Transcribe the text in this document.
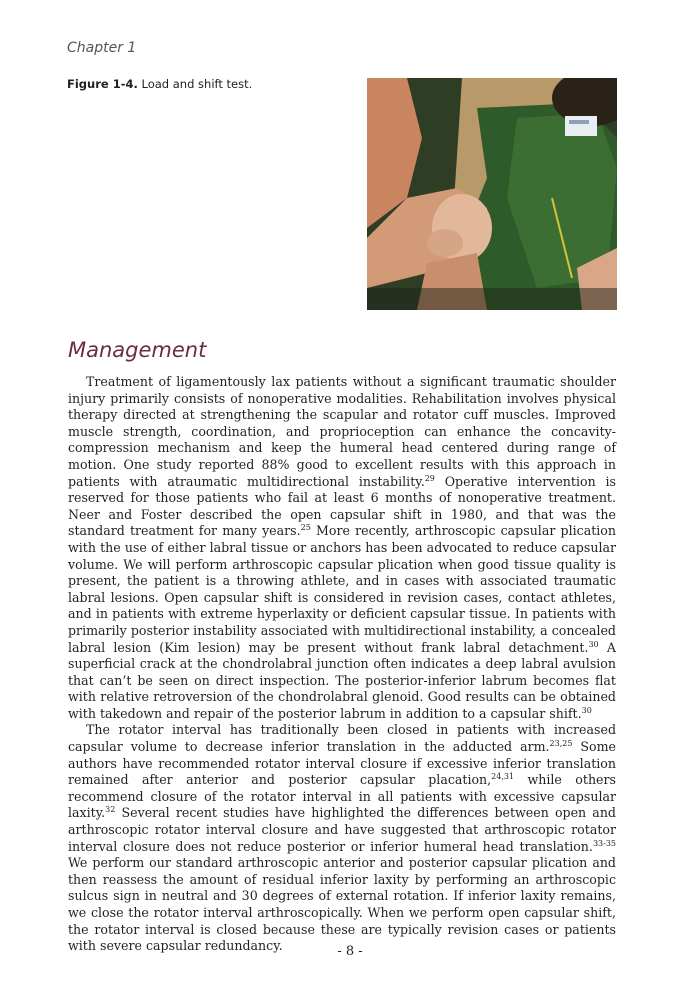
Chapter 1
Figure 1-4. Load and shift test.
Management

Treatment of ligamentously lax patients without a significant traumatic shoulder injury primarily consists of nonoperative modalities. Rehabilitation involves physical therapy directed at strengthening the scapular and rotator cuff muscles. Improved muscle strength, coordination, and proprioception can enhance the concavity-compression mechanism and keep the humeral head centered during range of motion. One study reported 88% good to excellent results with this approach in patients with atraumatic multidirectional instability.$^{29}$ Operative intervention is reserved for those patients who fail at least 6 months of nonoperative treatment. Neer and Foster described the open capsular shift in 1980, and that was the standard treatment for many years.$^{25}$ More recently, arthroscopic capsular plication with the use of either labral tissue or anchors has been advocated to reduce capsular volume. We will perform arthroscopic capsular plication when good tissue quality is present, the patient is a throwing athlete, and in cases with associated traumatic labral lesions. Open capsular shift is considered in revision cases, contact athletes, and in patients with extreme hyperlaxity or deficient capsular tissue. In patients with primarily posterior instability associated with multidirectional instability, a concealed labral lesion (Kim lesion) may be present without frank labral detachment.$^{30}$ A superficial crack at the chondrolabral junction often indicates a deep labral avulsion that can’t be seen on direct inspection. The posterior-inferior labrum becomes flat with relative retroversion of the chondrolabral glenoid. Good results can be obtained with takedown and repair of the posterior labrum in addition to a capsular shift.$^{30}$

The rotator interval has traditionally been closed in patients with increased capsular volume to decrease inferior translation in the adducted arm.$^{23,25}$ Some authors have recommended rotator interval closure if excessive inferior translation remained after anterior and posterior capsular placation,$^{24,31}$ while others recommend closure of the rotator interval in all patients with excessive capsular laxity.$^{32}$ Several recent studies have highlighted the differences between open and arthroscopic rotator interval closure and have suggested that arthroscopic rotator interval closure does not reduce posterior or inferior humeral head translation.$^{33-35}$ We perform our standard arthroscopic anterior and posterior capsular plication and then reassess the amount of residual inferior laxity by performing an arthroscopic sulcus sign in neutral and 30 degrees of external rotation. If inferior laxity remains, we close the rotator interval arthroscopically. When we perform open capsular shift, the rotator interval is closed because these are typically revision cases or patients with severe capsular redundancy.	- 8 -
